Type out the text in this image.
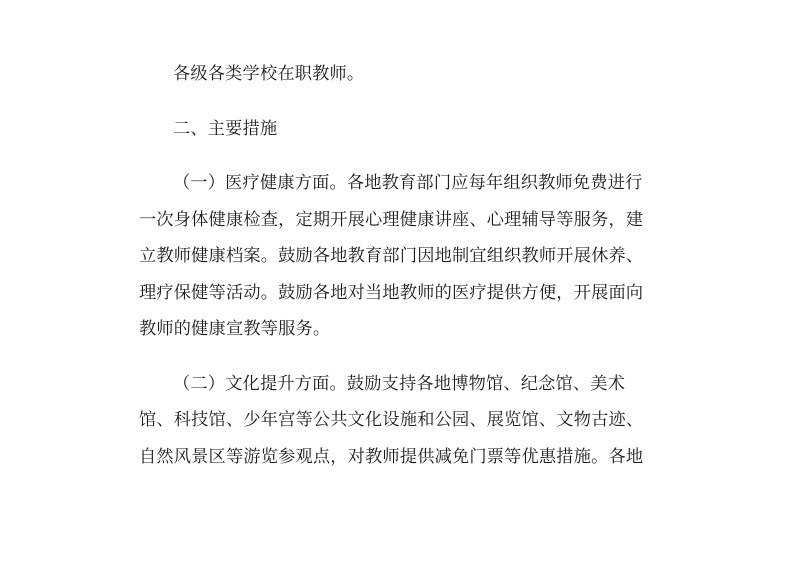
各级各类学校在职教师。

二、主要措施

（一）医疗健康方面。各地教育部门应每年组织教师免费进行
一次身体健康检查，定期开展心理健康讲座、心理辅导等服务，建
立教师健康档案。鼓励各地教育部门因地制宜组织教师开展休养、
理疗保健等活动。鼓励各地对当地教师的医疗提供方便，开展面向
教师的健康宣教等服务。

（二）文化提升方面。鼓励支持各地博物馆、纪念馆、美术
馆、科技馆、少年宫等公共文化设施和公园、展览馆、文物古迹、
自然风景区等游览参观点，对教师提供减免门票等优惠措施。各地
